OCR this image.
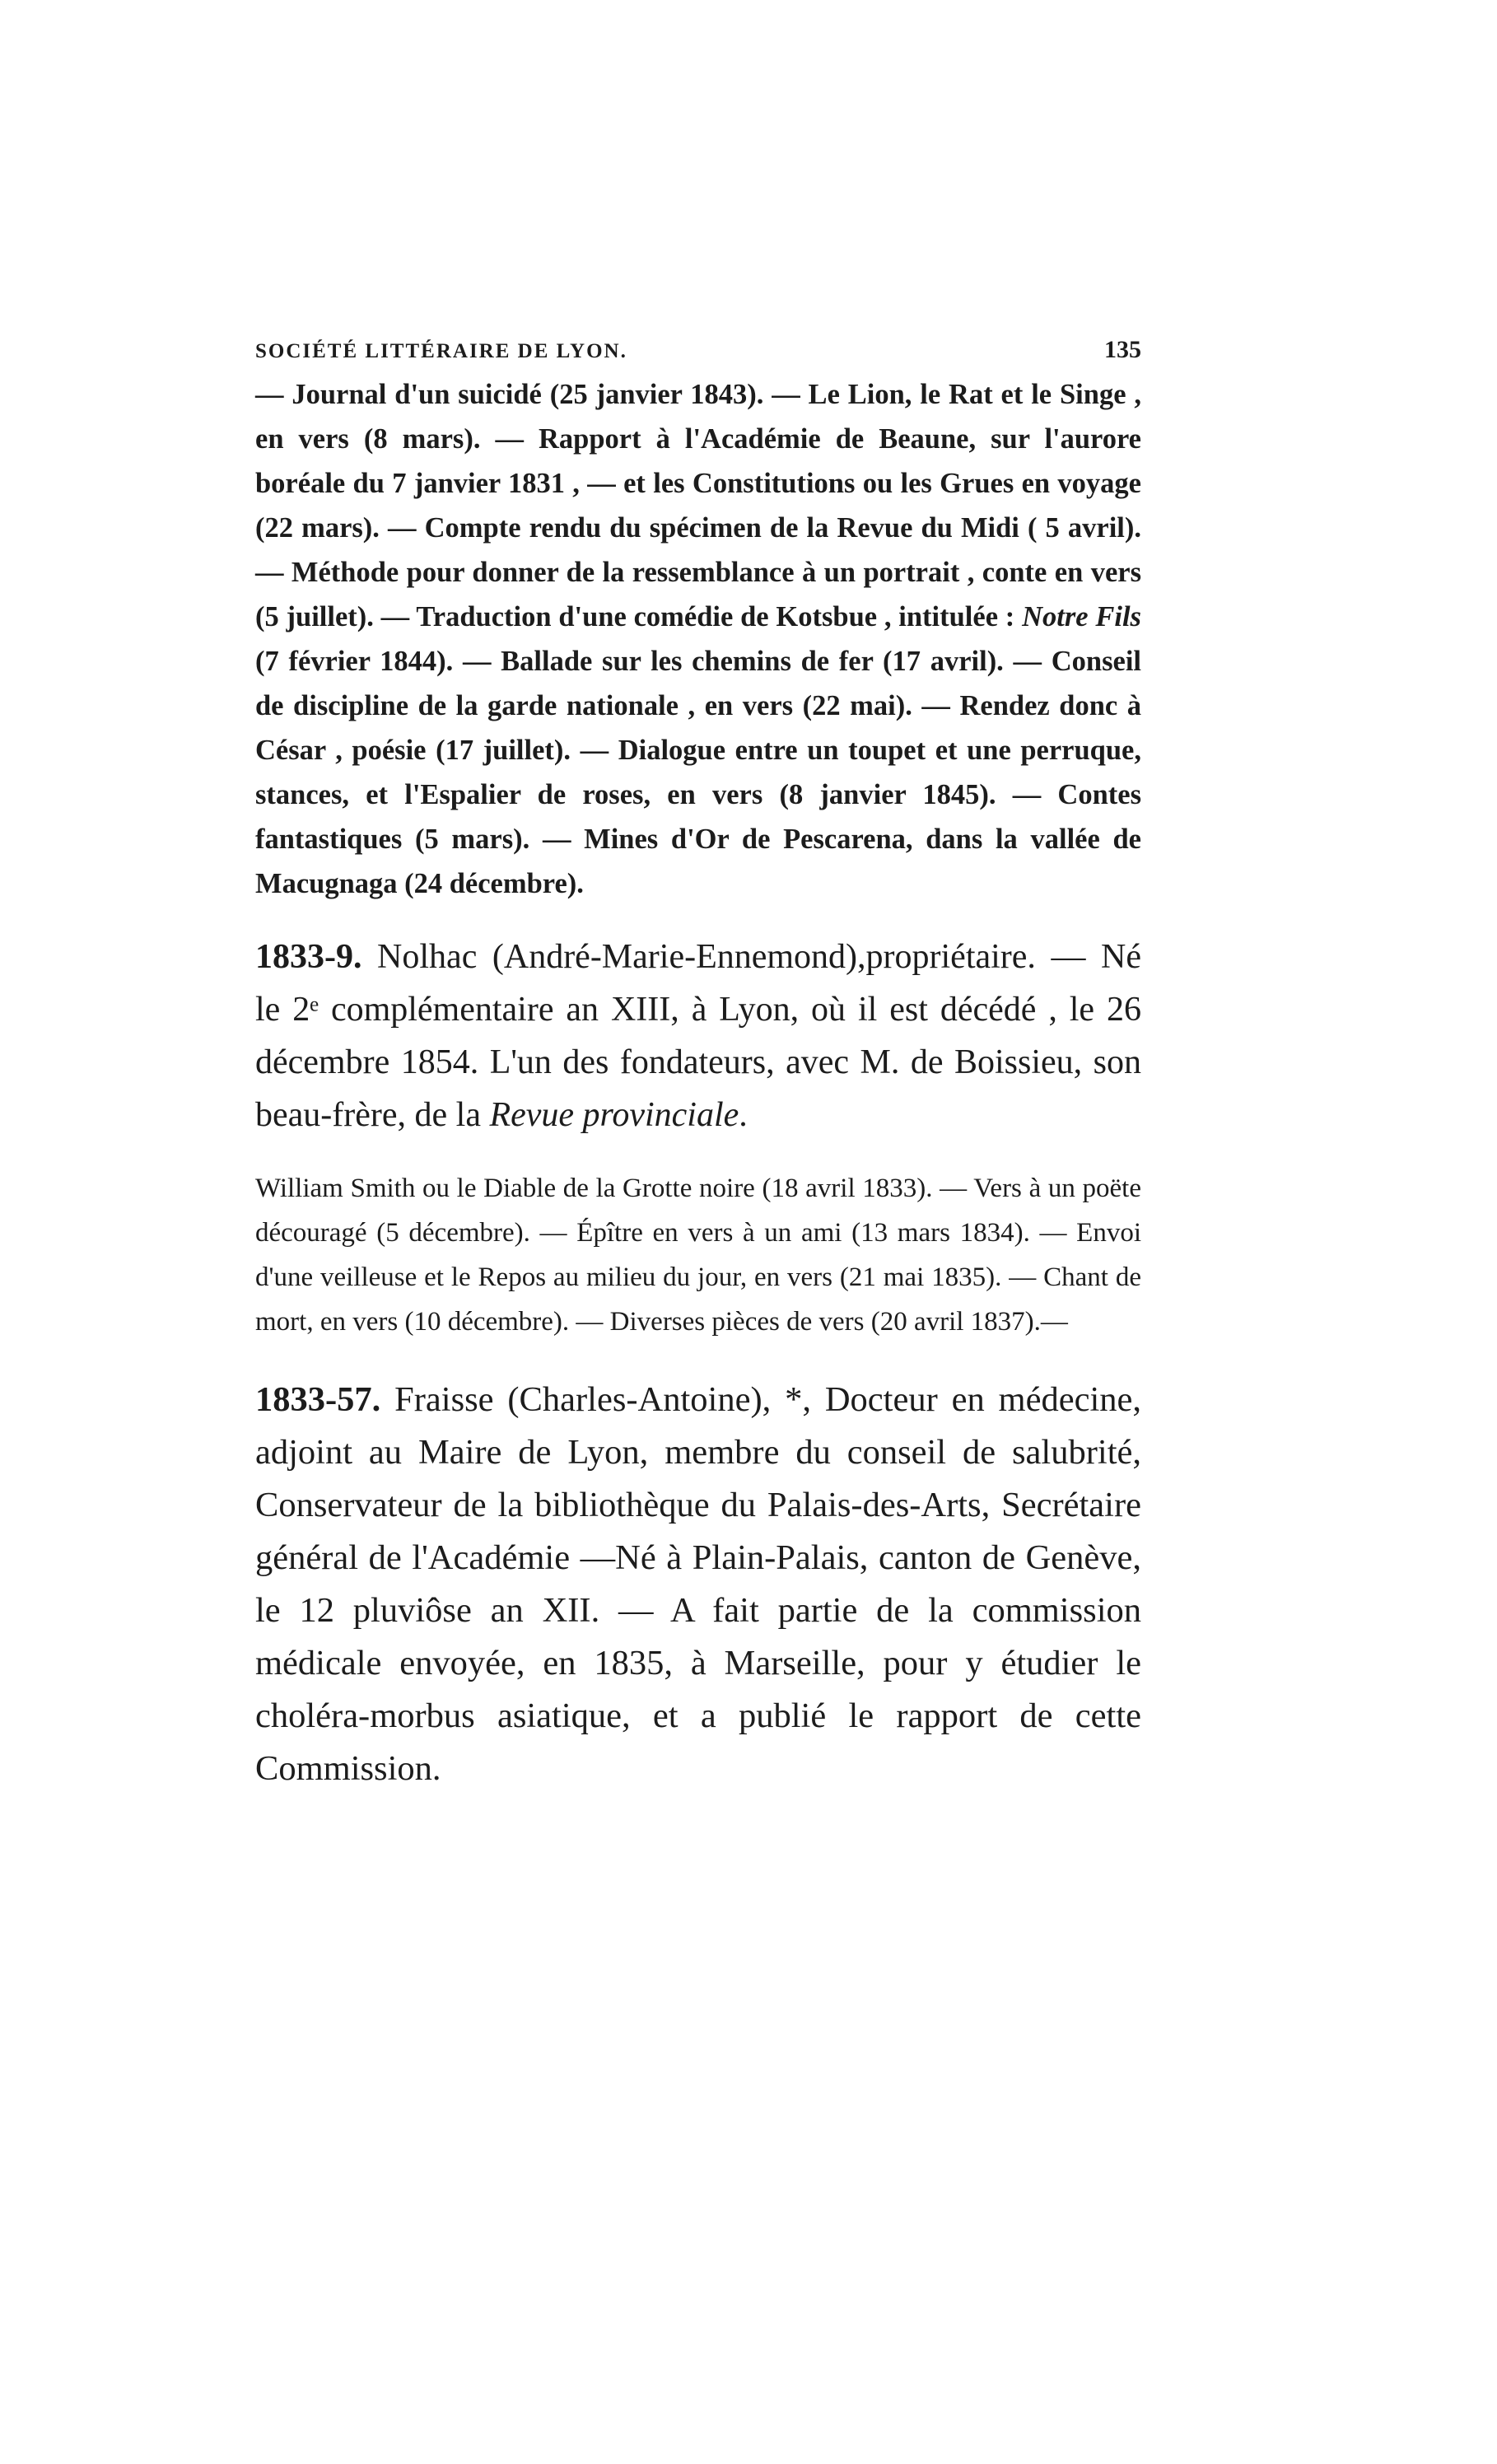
SOCIÉTÉ LITTÉRAIRE DE LYON.	135

— Journal d'un suicidé (25 janvier 1843). — Le Lion, le Rat et le Singe , en vers (8 mars). — Rapport à l'Académie de Beaune, sur l'aurore boréale du 7 janvier 1831 , — et les Constitutions ou les Grues en voyage (22 mars). — Compte rendu du spécimen de la Revue du Midi ( 5 avril). — Méthode pour donner de la ressemblance à un portrait , conte en vers (5 juillet). — Traduction d'une comédie de Kotsbue , intitulée : Notre Fils (7 février 1844). — Ballade sur les chemins de fer (17 avril). — Conseil de discipline de la garde nationale , en vers (22 mai). — Rendez donc à César , poésie (17 juillet). — Dialogue entre un toupet et une perruque, stances, et l'Espalier de roses, en vers (8 janvier 1845). — Contes fantastiques (5 mars). — Mines d'Or de Pescarena, dans la vallée de Macugnaga (24 décembre).

1833-9. Nolhac (André-Marie-Ennemond),propriétaire. — Né le 2ᵉ complémentaire an XIII, à Lyon, où il est décédé , le 26 décembre 1854. L'un des fondateurs, avec M. de Boissieu, son beau-frère, de la Revue provinciale.

William Smith ou le Diable de la Grotte noire (18 avril 1833). — Vers à un poëte découragé (5 décembre). — Épître en vers à un ami (13 mars 1834). — Envoi d'une veilleuse et le Repos au milieu du jour, en vers (21 mai 1835). — Chant de mort, en vers (10 décembre). — Diverses pièces de vers (20 avril 1837).—

1833-57. Fraisse (Charles-Antoine), *, Docteur en médecine, adjoint au Maire de Lyon, membre du conseil de salubrité, Conservateur de la bibliothèque du Palais-des-Arts, Secrétaire général de l'Académie —Né à Plain-Palais, canton de Genève, le 12 pluviôse an XII. — A fait partie de la commission médicale envoyée, en 1835, à Marseille, pour y étudier le choléra-morbus asiatique, et a publié le rapport de cette Commission.
